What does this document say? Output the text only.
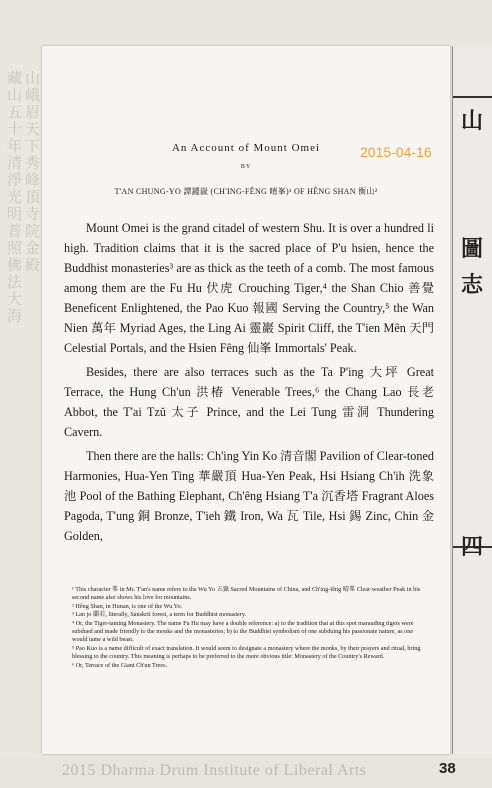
藏山五十年清淨光明普照佛法大海 山峨眉天下秀峰頂寺院金殿	An Account of Mount Omei	2015-04-16
BY
T'AN CHUNG-YO 譚鍾嶽 (CH'ING-FÊNG 晴峯)¹ OF HÊNG SHAN 衡山²

Mount Omei is the grand citadel of western Shu. It is over a hundred li high. Tradition claims that it is the sacred place of P'u hsien, hence the Buddhist monasteries³ are as thick as the teeth of a comb. The most famous among them are the Fu Hu 伏虎 Crouching Tiger,⁴ the Shan Chio 善覺 Beneficent Enlightened, the Pao Kuo 報國 Serving the Country,⁵ the Wan Nien 萬年 Myriad Ages, the Ling Ai 靈巖 Spirit Cliff, the T'ien Mên 天門 Celestial Portals, and the Hsien Fêng 仙峯 Immortals' Peak.

Besides, there are also terraces such as the Ta P'ing 大坪 Great Terrace, the Hung Ch'un 洪椿 Venerable Trees,⁶ the Chang Lao 長老 Abbot, the T'ai Tzŭ 太子 Prince, and the Lei Tung 雷洞 Thundering Cavern.

Then there are the halls: Ch'ing Yin Ko 清音閣 Pavilion of Clear-toned Harmonies, Hua-Yen Ting 華嚴頂 Hua-Yen Peak, Hsi Hsiang Ch'ih 洗象池 Pool of the Bathing Elephant, Ch'êng Hsiang T'a 沉香塔 Fragrant Aloes Pagoda, T'ung 銅 Bronze, T'ieh 鐵 Iron, Wa 瓦 Tile, Hsi 錫 Zinc, Chin 金 Golden,

¹ This character 峯 in Mr. T'an's name refers to the Wu Yo 五嶽 Sacred Mountains of China, and Ch'ing-fêng 晴峯 Clear-weather Peak in his second name also shows his love for mountains.

² Hêng Shan, in Hunan, is one of the Wu Yo.

³ Lan jo 蘭若, literally, Sanskrit forest, a term for Buddhist monastery.

⁴ Or, the Tiger-taming Monastery. The name Fu Hu may have a double reference: a) to the tradition that at this spot marauding tigers were subdued and made friendly to the monks and the monasteries; b) to the Buddhist symbolism of one subduing his passionate nature, as one would tame a wild beast.

⁵ Pao Kuo is a name difficult of exact translation. It would seem to designate a monastery where the monks, by their prayers and ritual, bring blessing to the country. This meaning is perhaps to be preferred to the more obvious title: Monastery of the Country's Reward.

⁶ Or, Terrace of the Giant Ch'un Trees.

山
圖
志
四
2015 Dharma Drum Institute of Liberal Arts	38
